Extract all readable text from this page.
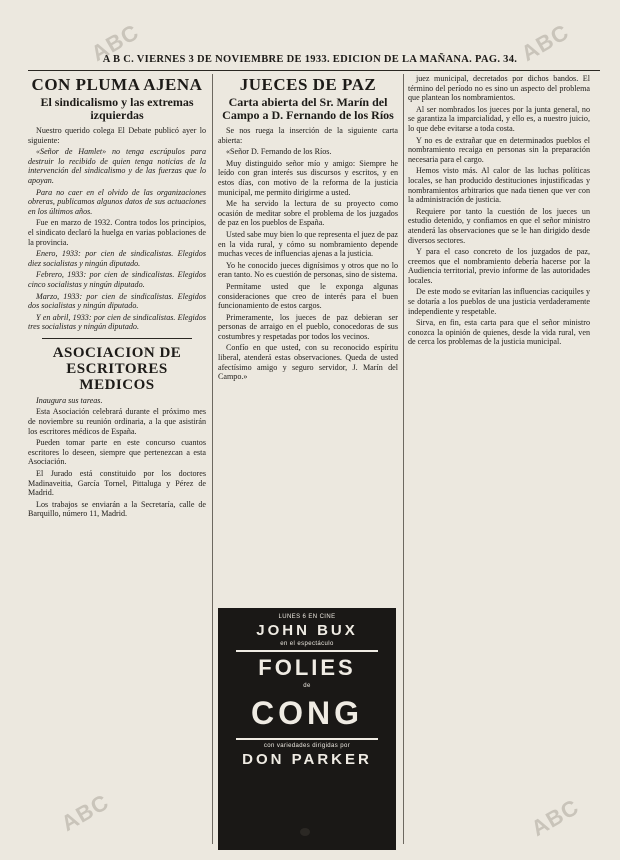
A B C. VIERNES 3 DE NOVIEMBRE DE 1933. EDICION DE LA MAÑANA. PAG. 34.
CON PLUMA AJENA
El sindicalismo y las extremas izquierdas

Nuestro querido colega El Debate publicó ayer lo siguiente:

«Señor de Hamlet» no tenga escrúpulos para destruir lo recibido de quien tenga noticias de la intervención del sindicalismo y de las fuerzas que lo apoyan.

Para no caer en el olvido de las organizaciones obreras, publicamos algunos datos de sus actuaciones en los últimos años.

Fue en marzo de 1932. Contra todos los principios, el sindicato declaró la huelga en varias poblaciones de la provincia.

Enero, 1933: por cien de sindicalistas. Elegidos diez socialistas y ningún diputado.

Febrero, 1933: por cien de sindicalistas. Elegidos cinco socialistas y ningún diputado.

Marzo, 1933: por cien de sindicalistas. Elegidos dos socialistas y ningún diputado.

Y en abril, 1933: por cien de sindicalistas. Elegidos tres socialistas y ningún diputado.

ASOCIACION DE ESCRITORES MEDICOS

Inaugura sus tareas.

Esta Asociación celebrará durante el próximo mes de noviembre su reunión ordinaria, a la que asistirán los escritores médicos de España.

Pueden tomar parte en este concurso cuantos escritores lo deseen, siempre que pertenezcan a esta Asociación.

El Jurado está constituido por los doctores Madinaveitia, García Tornel, Pittaluga y Pérez de Madrid.

Los trabajos se enviarán a la Secretaría, calle de Barquillo, número 11, Madrid.

JUECES DE PAZ
Carta abierta del Sr. Marín del Campo a D. Fernando de los Ríos

Se nos ruega la inserción de la siguiente carta abierta:

«Señor D. Fernando de los Ríos.

Muy distinguido señor mío y amigo: Siempre he leído con gran interés sus discursos y escritos, y en estos días, con motivo de la reforma de la justicia municipal, me permito dirigirme a usted.

Me ha servido la lectura de su proyecto como ocasión de meditar sobre el problema de los juzgados de paz en los pueblos de España.

Usted sabe muy bien lo que representa el juez de paz en la vida rural, y cómo su nombramiento depende muchas veces de influencias ajenas a la justicia.

Yo he conocido jueces dignísimos y otros que no lo eran tanto. No es cuestión de personas, sino de sistema.

Permítame usted que le exponga algunas consideraciones que creo de interés para el buen funcionamiento de estos cargos.

Primeramente, los jueces de paz debieran ser personas de arraigo en el pueblo, conocedoras de sus costumbres y respetadas por todos los vecinos.

Confío en que usted, con su reconocido espíritu liberal, atenderá estas observaciones. Queda de usted afectísimo amigo y seguro servidor, J. Marín del Campo.»

LUNES 6 EN CINE
JOHN BUX
en el espectáculo
FOLIES
de
CONG
con variedades dirigidas por
DON PARKER

juez municipal, decretados por dichos bandos. El término del período no es sino un aspecto del problema que plantean los nombramientos.

Al ser nombrados los jueces por la junta general, no se garantiza la imparcialidad, y ello es, a nuestro juicio, lo que debe evitarse a toda costa.

Y no es de extrañar que en determinados pueblos el nombramiento recaiga en personas sin la preparación necesaria para el cargo.

Hemos visto más. Al calor de las luchas políticas locales, se han producido destituciones injustificadas y nombramientos arbitrarios que nada tienen que ver con la administración de justicia.

Requiere por tanto la cuestión de los jueces un estudio detenido, y confiamos en que el señor ministro atenderá las observaciones que se le han dirigido desde diversos sectores.

Y para el caso concreto de los juzgados de paz, creemos que el nombramiento debería hacerse por la Audiencia territorial, previo informe de las autoridades locales.

De este modo se evitarían las influencias caciquiles y se dotaría a los pueblos de una justicia verdaderamente independiente y respetable.

Sirva, en fin, esta carta para que el señor ministro conozca la opinión de quienes, desde la vida rural, ven de cerca los problemas de la justicia municipal.

ABC	ABC
ABC	ABC
